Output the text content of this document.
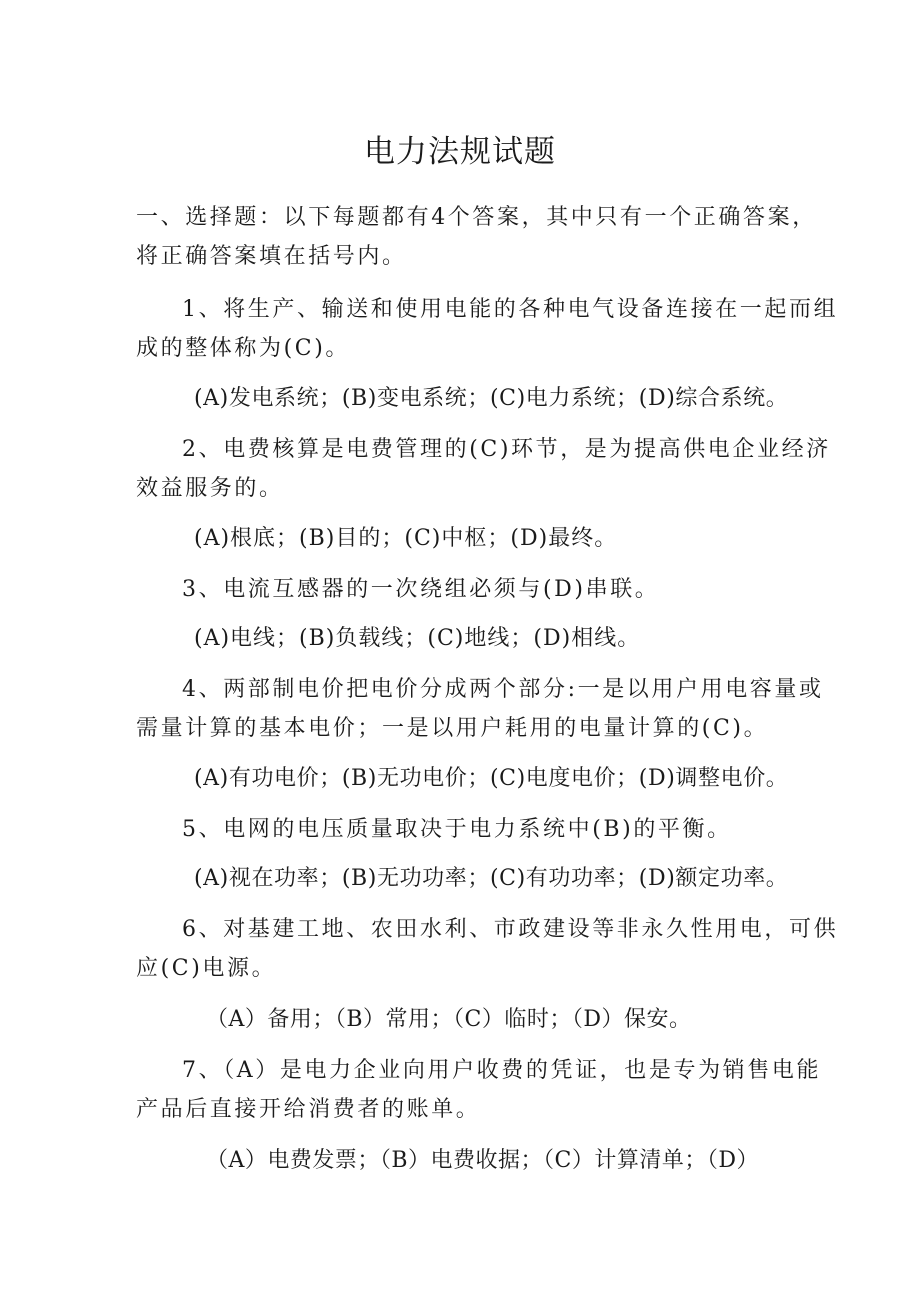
电力法规试题
一、选择题：以下每题都有4个答案，其中只有一个正确答案，
将正确答案填在括号内。
1、将生产、输送和使用电能的各种电气设备连接在一起而组
成的整体称为(C)。
(A)发电系统；(B)变电系统；(C)电力系统；(D)综合系统。
2、电费核算是电费管理的(C)环节，是为提高供电企业经济
效益服务的。
(A)根底；(B)目的；(C)中枢；(D)最终。
3、电流互感器的一次绕组必须与(D)串联。
(A)电线；(B)负载线；(C)地线；(D)相线。
4、两部制电价把电价分成两个部分:一是以用户用电容量或
需量计算的基本电价；一是以用户耗用的电量计算的(C)。
(A)有功电价；(B)无功电价；(C)电度电价；(D)调整电价。
5、电网的电压质量取决于电力系统中(B)的平衡。
(A)视在功率；(B)无功功率；(C)有功功率；(D)额定功率。
6、对基建工地、农田水利、市政建设等非永久性用电，可供
应(C)电源。
（A）备用；（B）常用；（C）临时；（D）保安。
7、（A）是电力企业向用户收费的凭证，也是专为销售电能
产品后直接开给消费者的账单。
（A）电费发票；（B）电费收据；（C）计算清单；（D）
